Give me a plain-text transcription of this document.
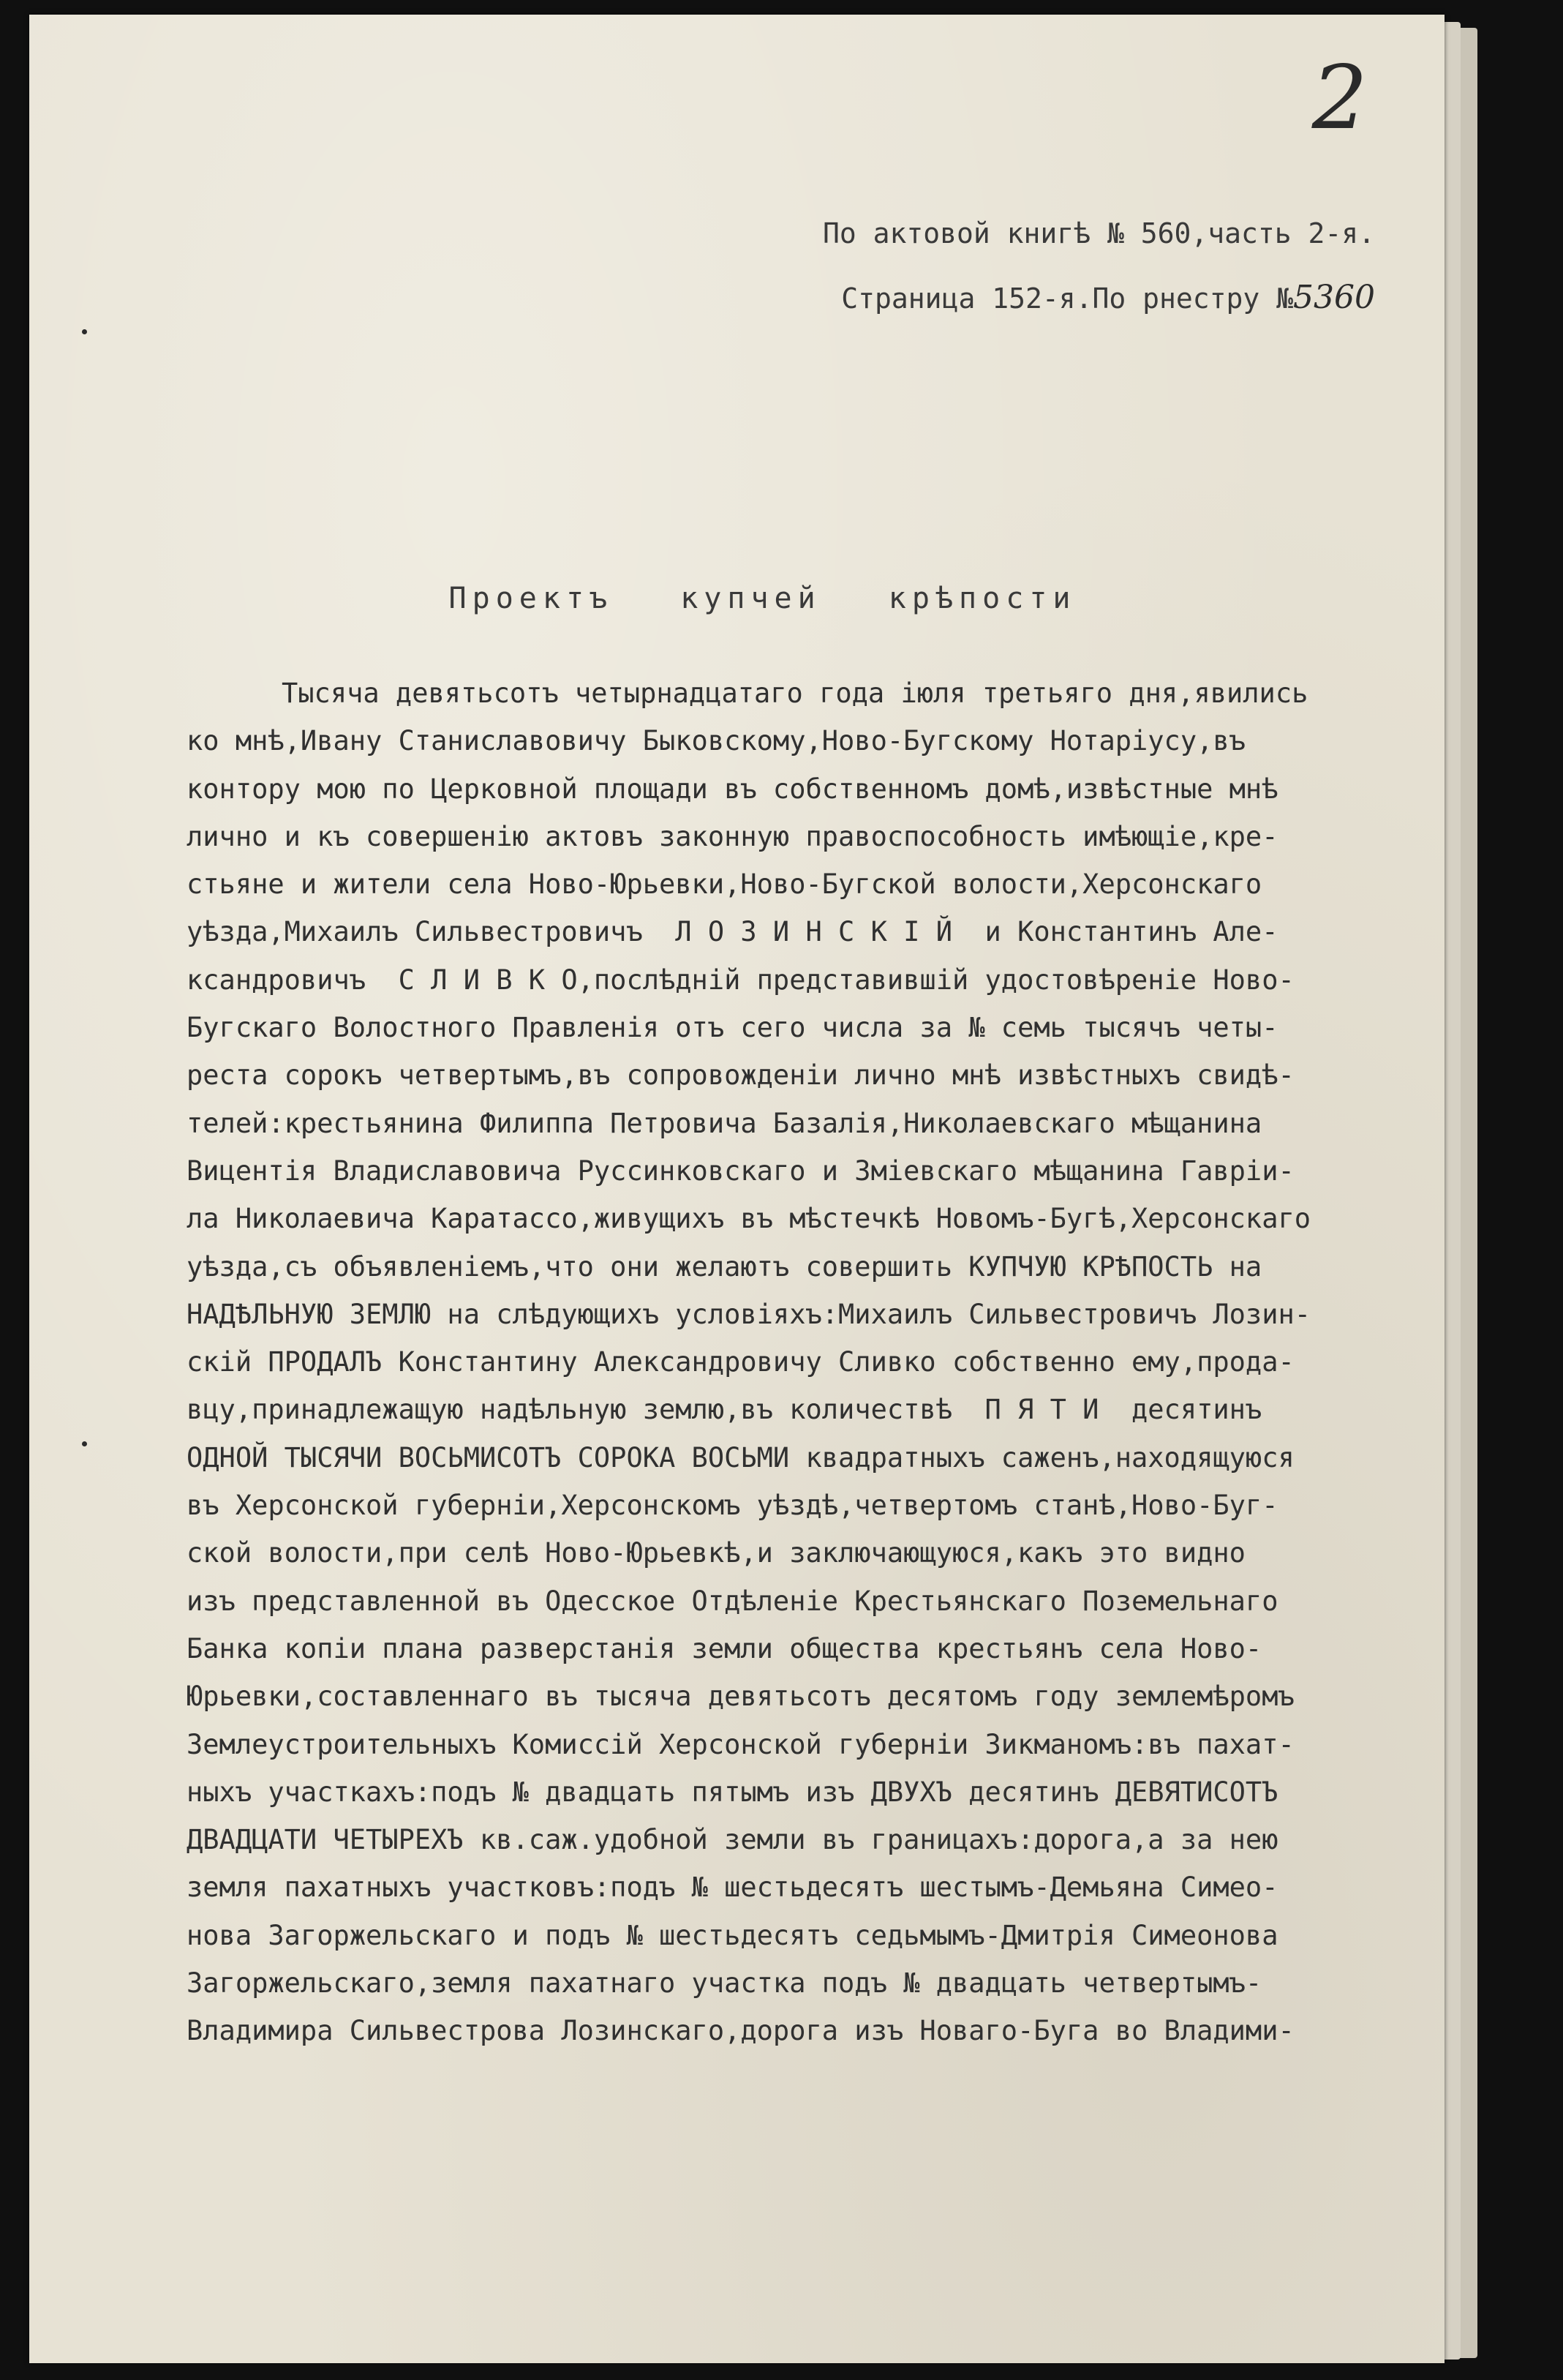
2
По актовой книгѣ № 560,часть 2-я.
Страница 152-я.По рнестру №5360
Проектъ купчей крѣпости
Тысяча девятьсотъ четырнадцатаго года iюля третьяго дня,явились
ко мнѣ,Ивану Станиславовичу Быковскому,Ново-Бугскому Нотарiусу,въ
контору мою по Церковной площади въ собственномъ домѣ,извѣстные мнѣ
лично и къ совершенiю актовъ законную правоспособность имѣющiе,кре-
стьяне и жители села Ново-Юрьевки,Ново-Бугской волости,Херсонскаго
уѣзда,Михаилъ Сильвестровичъ  Л О З И Н С К І Й  и Константинъ Але-
ксандровичъ  С Л И В К О,послѣднiй представившiй удостовѣренiе Ново-
Бугскаго Волостного Правленiя отъ сего числа за № семь тысячъ четы-
реста сорокъ четвертымъ,въ сопровожденiи лично мнѣ извѣстныхъ свидѣ-
телей:крестьянина Филиппа Петровича Базалiя,Николаевскаго мѣщанина
Вицентiя Владиславовича Руссинковскаго и Змiевскаго мѣщанина Гаврiи-
ла Николаевича Каратассо,живущихъ въ мѣстечкѣ Новомъ-Бугѣ,Херсонскаго
уѣзда,съ объявленiемъ,что они желаютъ совершить КУПЧУЮ КРѢПОСТЬ на
НАДѢЛЬНУЮ ЗЕМЛЮ на слѣдующихъ условiяхъ:Михаилъ Сильвестровичъ Лозин-
скiй ПРОДАЛЪ Константину Александровичу Сливко собственно ему,прода-
вцу,принадлежащую надѣльную землю,въ количествѣ  П Я Т И  десятинъ
ОДНОЙ ТЫСЯЧИ ВОСЬМИСОТЪ СОРОКА ВОСЬМИ квадратныхъ саженъ,находящуюся
въ Херсонской губернiи,Херсонскомъ уѣздѣ,четвертомъ станѣ,Ново-Буг-
ской волости,при селѣ Ново-Юрьевкѣ,и заключающуюся,какъ это видно
изъ представленной въ Одесское Отдѣленiе Крестьянскаго Поземельнаго
Банка копiи плана разверстанiя земли общества крестьянъ села Ново-
Юрьевки,составленнаго въ тысяча девятьсотъ десятомъ году землемѣромъ
Землеустроительныхъ Комиссiй Херсонской губернiи Зикманомъ:въ пахат-
ныхъ участкахъ:подъ № двадцать пятымъ изъ ДВУХЪ десятинъ ДЕВЯТИСОТЪ
ДВАДЦАТИ ЧЕТЫРЕХЪ кв.саж.удобной земли въ границахъ:дорога,а за нею
земля пахатныхъ участковъ:подъ № шестьдесятъ шестымъ-Демьяна Симео-
нова Загоржельскаго и подъ № шестьдесятъ седьмымъ-Дмитрiя Симеонова
Загоржельскаго,земля пахатнаго участка подъ № двадцать четвертымъ-
Владимира Сильвестрова Лозинскаго,дорога изъ Новаго-Буга во Владими-
